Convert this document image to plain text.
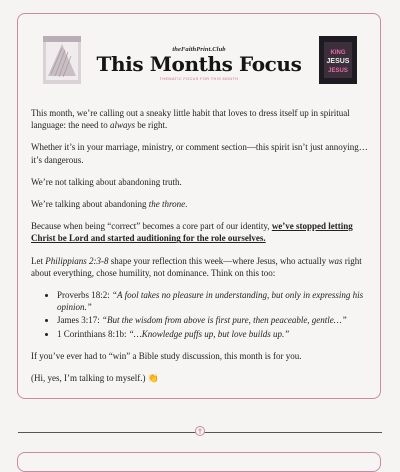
theFaithPrint.Club
This Months Focus
THEMATIC FOCUS FOR THIS MONTH
KING
JESUS
JESUS

This month, we’re calling out a sneaky little habit that loves to dress itself up in spiritual language: the need to always be right.

Whether it’s in your marriage, ministry, or comment section—this spirit isn’t just annoying… it’s dangerous.

We’re not talking about abandoning truth.

We’re talking about abandoning the throne.

Because when being “correct” becomes a core part of our identity, we’ve stopped letting Christ be Lord and started auditioning for the role ourselves.

Let Philippians 2:3-8 shape your reflection this week—where Jesus, who actually was right about everything, chose humility, not dominance. Think on this too:

• Proverbs 18:2: “A fool takes no pleasure in understanding, but only in expressing his opinion.”
• James 3:17: “But the wisdom from above is first pure, then peaceable, gentle…”
• 1 Corinthians 8:1b: “…Knowledge puffs up, but love builds up.”

If you’ve ever had to “win” a Bible study discussion, this month is for you.

(Hi, yes, I’m talking to myself.) 👏
